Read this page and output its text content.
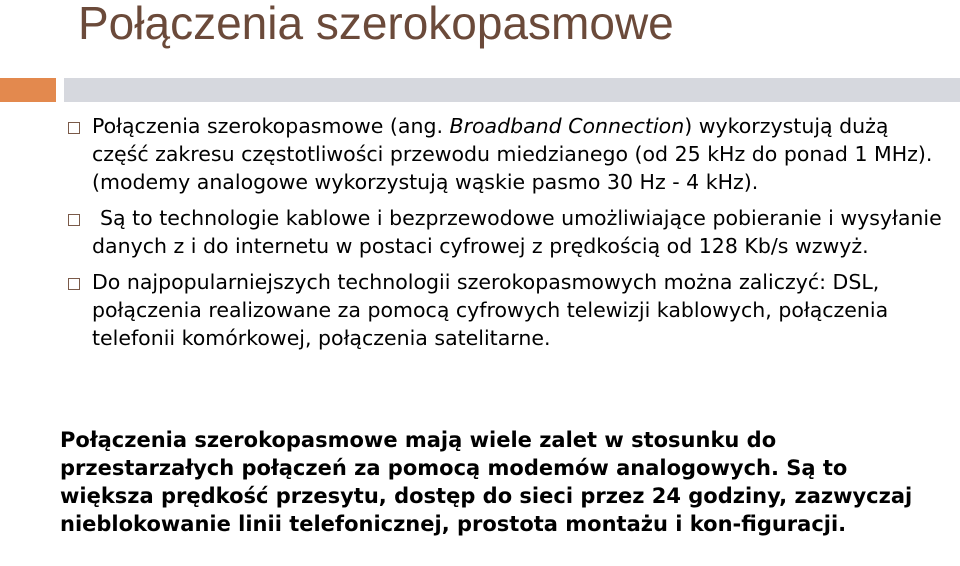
Połączenia szerokopasmowe
Połączenia szerokopasmowe (ang. Broadband Connection) wykorzystują dużą część zakresu częstotliwości przewodu miedzianego (od 25 kHz do ponad 1 MHz). (modemy analogowe wykorzystują wąskie pasmo 30 Hz - 4 kHz).
Są to technologie kablowe i bezprzewodowe umożliwiające pobieranie i wysyłanie danych z i do internetu w postaci cyfrowej z prędkością od 128 Kb/s wzwyż.
Do najpopularniejszych technologii szerokopasmowych można zaliczyć: DSL, połączenia realizowane za pomocą cyfrowych telewizji kablowych, połączenia telefonii komórkowej, połączenia satelitarne.
Połączenia szerokopasmowe mają wiele zalet w stosunku do przestarzałych połączeń za pomocą modemów analogowych. Są to większa prędkość przesytu, dostęp do sieci przez 24 godziny, zazwyczaj nieblokowanie linii telefonicznej, prostota montażu i kon-figuracji.
